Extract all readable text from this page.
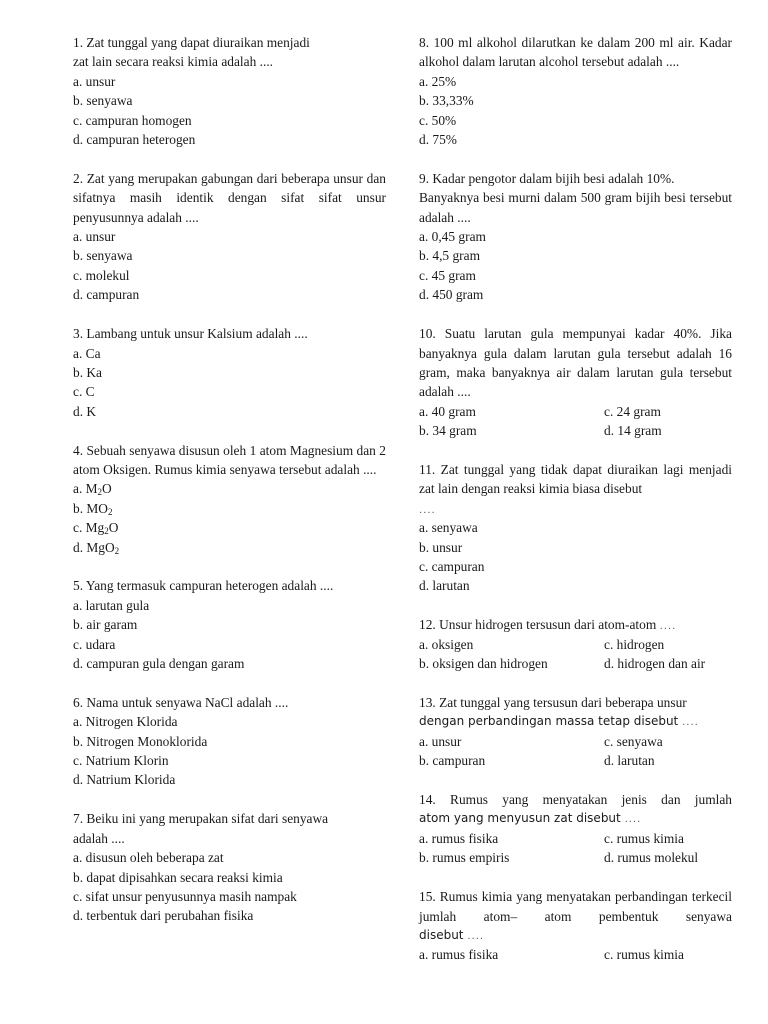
1. Zat tunggal yang dapat diuraikan menjadi
zat lain secara reaksi kimia adalah ....
a. unsur
b. senyawa
c. campuran homogen
d. campuran heterogen
2. Zat yang merupakan gabungan dari beberapa unsur dan sifatnya masih identik dengan sifat sifat unsur penyusunnya adalah ....
a. unsur
b. senyawa
c. molekul
d. campuran
3. Lambang untuk unsur Kalsium adalah ....
a. Ca
b. Ka
c. C
d. K
4. Sebuah senyawa disusun oleh 1 atom Magnesium dan 2 atom Oksigen. Rumus kimia senyawa tersebut adalah ....
a. $M_2O$
b. $MO_2$
c. $Mg_2O$
d. MgO$_2$
5. Yang termasuk campuran heterogen adalah ....
a. larutan gula
b. air garam
c. udara
d. campuran gula dengan garam
6. Nama untuk senyawa NaCl adalah ....
a. Nitrogen Klorida
b. Nitrogen Monoklorida
c. Natrium Klorin
d. Natrium Klorida
7. Beiku ini yang merupakan sifat dari senyawa
adalah ....
a. disusun oleh beberapa zat
b. dapat dipisahkan secara reaksi kimia
c. sifat unsur penyusunnya masih nampak
d. terbentuk dari perubahan fisika
8. 100 ml alkohol dilarutkan ke dalam 200 ml air. Kadar alkohol dalam larutan alcohol tersebut adalah ....
a. 25%
b. 33,33%
c. 50%
d. 75%
9. Kadar pengotor dalam bijih besi adalah 10%.
Banyaknya besi murni dalam 500 gram bijih besi tersebut adalah ....
a. 0,45 gram
b. 4,5 gram
c. 45 gram
d. 450 gram
10. Suatu larutan gula mempunyai kadar 40%. Jika banyaknya gula dalam larutan gula tersebut adalah 16 gram, maka banyaknya air dalam larutan gula tersebut adalah ....
a. 40 gram	c. 24 gram
b. 34 gram	d. 14 gram
11. Zat tunggal yang tidak dapat diuraikan lagi menjadi zat lain dengan reaksi kimia biasa disebut
....
a. senyawa
b. unsur
c. campuran
d. larutan
12. Unsur hidrogen tersusun dari atom-atom ....
a. oksigen	c. hidrogen
b. oksigen dan hidrogen	d. hidrogen dan air
13. Zat tunggal yang tersusun dari beberapa unsur
dengan perbandingan massa tetap disebut ....
a. unsur	c. senyawa
b. campuran	d. larutan
14. Rumus yang menyatakan jenis dan jumlah
atom yang menyusun zat disebut ....
a. rumus fisika	c. rumus kimia
b. rumus empiris	d. rumus molekul
15. Rumus kimia yang menyatakan perbandingan terkecil jumlah atom– atom pembentuk senyawa
disebut ....
a. rumus fisika	c. rumus kimia
